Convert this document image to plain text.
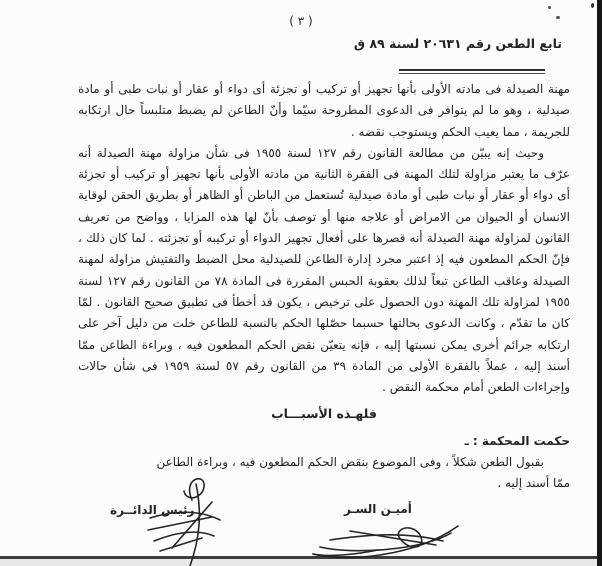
( ٣ )
تابع الطعن رقم ٢٠٦٣١ لسنة ٨٩ ق

مهنة الصيدلة فى مادته الأولى بأنها تجهيز أو تركيب أو تجزئة أى دواء أو عقار أو نبات طبى أو مادة صيدلية ، وهو ما لم يتوافر فى الدعوى المطروحة سيّما وأنّ الطاعن لم يضبط متلبساً حال ارتكابه للجريمة ، مما يعيب الحكم ويستوجب نقضه .

وحيث إنه يبيّن من مطالعة القانون رقم ١٢٧ لسنة ١٩٥٥ فى شأن مزاولة مهنة الصيدلة أنه عرّف ما يعتبر مزاولة لتلك المهنة فى الفقرة الثانية من مادته الأولى بأنها تجهيز أو تركيب أو تجزئة أى دواء أو عقار أو نبات طبى أو مادة صيدلية تُستعمل من الباطن أو الظاهر أو بطريق الحقن لوقاية الانسان أو الحيوان من الامراض أو علاجه منها أو توصف بأنّ لها هذه المزايا ، وواضح من تعريف القانون لمزاولة مهنة الصيدلة أنه قصرها على أفعال تجهيز الدواء أو تركيبه أو تجزئته . لما كان ذلك ، فإنّ الحكم المطعون فيه إذ اعتبر مجرد إدارة الطاعن للصيدلية محل الضبط والتفتيش مزاولة لمهنة الصيدلة وعاقب الطاعن تبعاً لذلك بعقوبة الحبس المقررة فى المادة ٧٨ من القانون رقم ١٢٧ لسنة ١٩٥٥ لمزاولة تلك المهنة دون الحصول على ترخيص ، يكون قد أخطأ فى تطبيق صحيح القانون . لمّا كان ما تقدّم ، وكانت الدعوى بحالتها حسبما حصّلها الحكم بالنسبة للطاعن خلت من دليل آخر على ارتكابه جرائم أخرى يمكن نسبتها إليه ، فإنه يتعيّن نقض الحكم المطعون فيه ، وبراءة الطاعن ممّا أسند إليه ، عملاً بالفقرة الأولى من المادة ٣٩ من القانون رقم ٥٧ لسنة ١٩٥٩ فى شأن حالات وإجراءات الطعن أمام محكمة النقض .

فلهـذه الأسبـــاب
حكمت المحكمة : ـ
بقبول الطعن شكلاً ، وفى الموضوع بنقض الحكم المطعون فيه ، وبراءة الطاعن
ممّا أسند إليه .
أميـن السـر
رئيس الدائــرة
